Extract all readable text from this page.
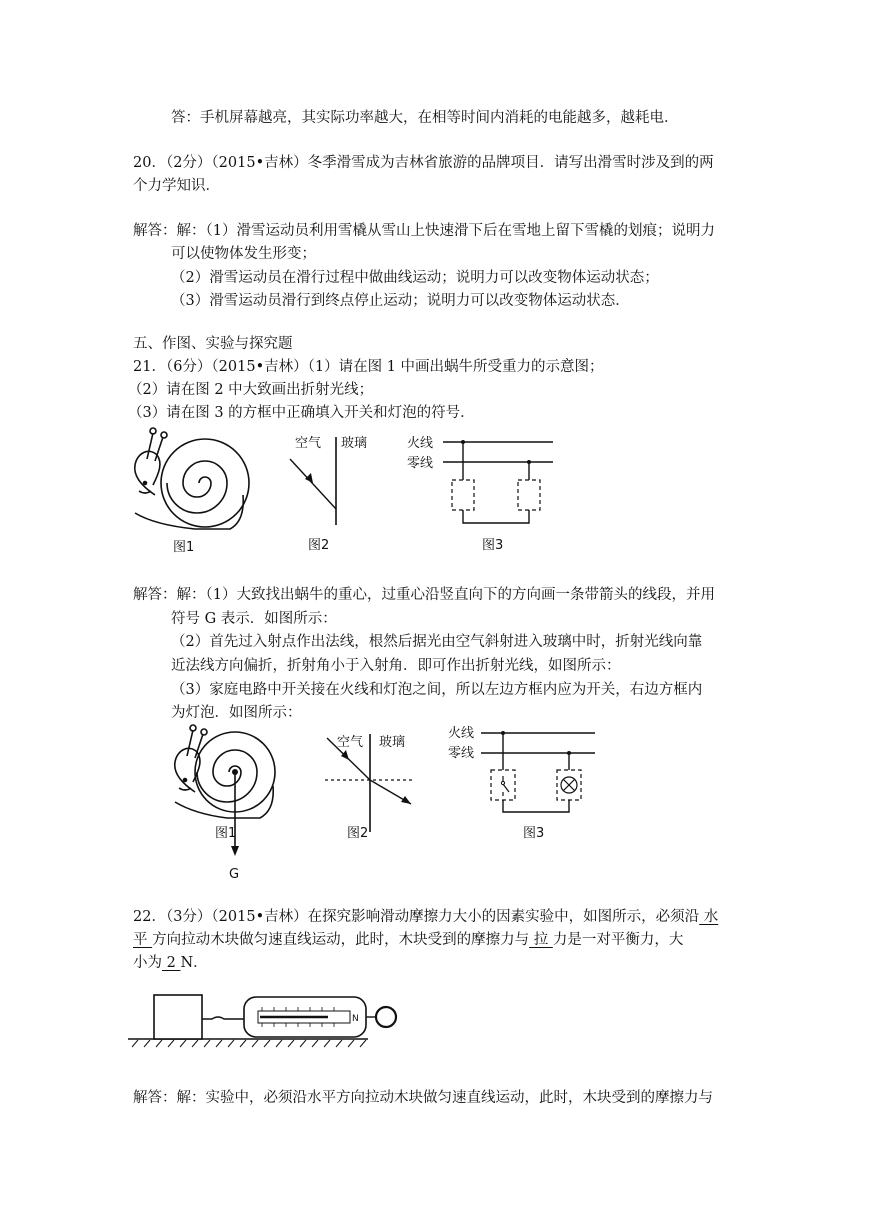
答：手机屏幕越亮，其实际功率越大，在相等时间内消耗的电能越多，越耗电．
20．（2分）（2015•吉林）冬季滑雪成为吉林省旅游的品牌项目．请写出滑雪时涉及到的两
个力学知识．
解答：解：（1）滑雪运动员利用雪橇从雪山上快速滑下后在雪地上留下雪橇的划痕；说明力
可以使物体发生形变；
（2）滑雪运动员在滑行过程中做曲线运动；说明力可以改变物体运动状态；
（3）滑雪运动员滑行到终点停止运动；说明力可以改变物体运动状态．
五、作图、实验与探究题
21．（6分）（2015•吉林）（1）请在图 1 中画出蜗牛所受重力的示意图；
（2）请在图 2 中大致画出折射光线；
（3）请在图 3 的方框中正确填入开关和灯泡的符号．
图1
空气 玻璃
图2
火线
零线
图3
解答：解：（1）大致找出蜗牛的重心，过重心沿竖直向下的方向画一条带箭头的线段，并用
符号 G 表示．如图所示：
（2）首先过入射点作出法线，根然后据光由空气斜射进入玻璃中时，折射光线向靠
近法线方向偏折，折射角小于入射角．即可作出折射光线，如图所示：
（3）家庭电路中开关接在火线和灯泡之间，所以左边方框内应为开关，右边方框内
为灯泡．如图所示：
图1
G
空气 玻璃
图2
火线
零线
图3
22．（3分）（2015•吉林）在探究影响滑动摩擦力大小的因素实验中，如图所示，必须沿 水
平 方向拉动木块做匀速直线运动，此时，木块受到的摩擦力与 拉 力是一对平衡力，大
小为 2 N．
N
解答：解：实验中，必须沿水平方向拉动木块做匀速直线运动，此时，木块受到的摩擦力与
